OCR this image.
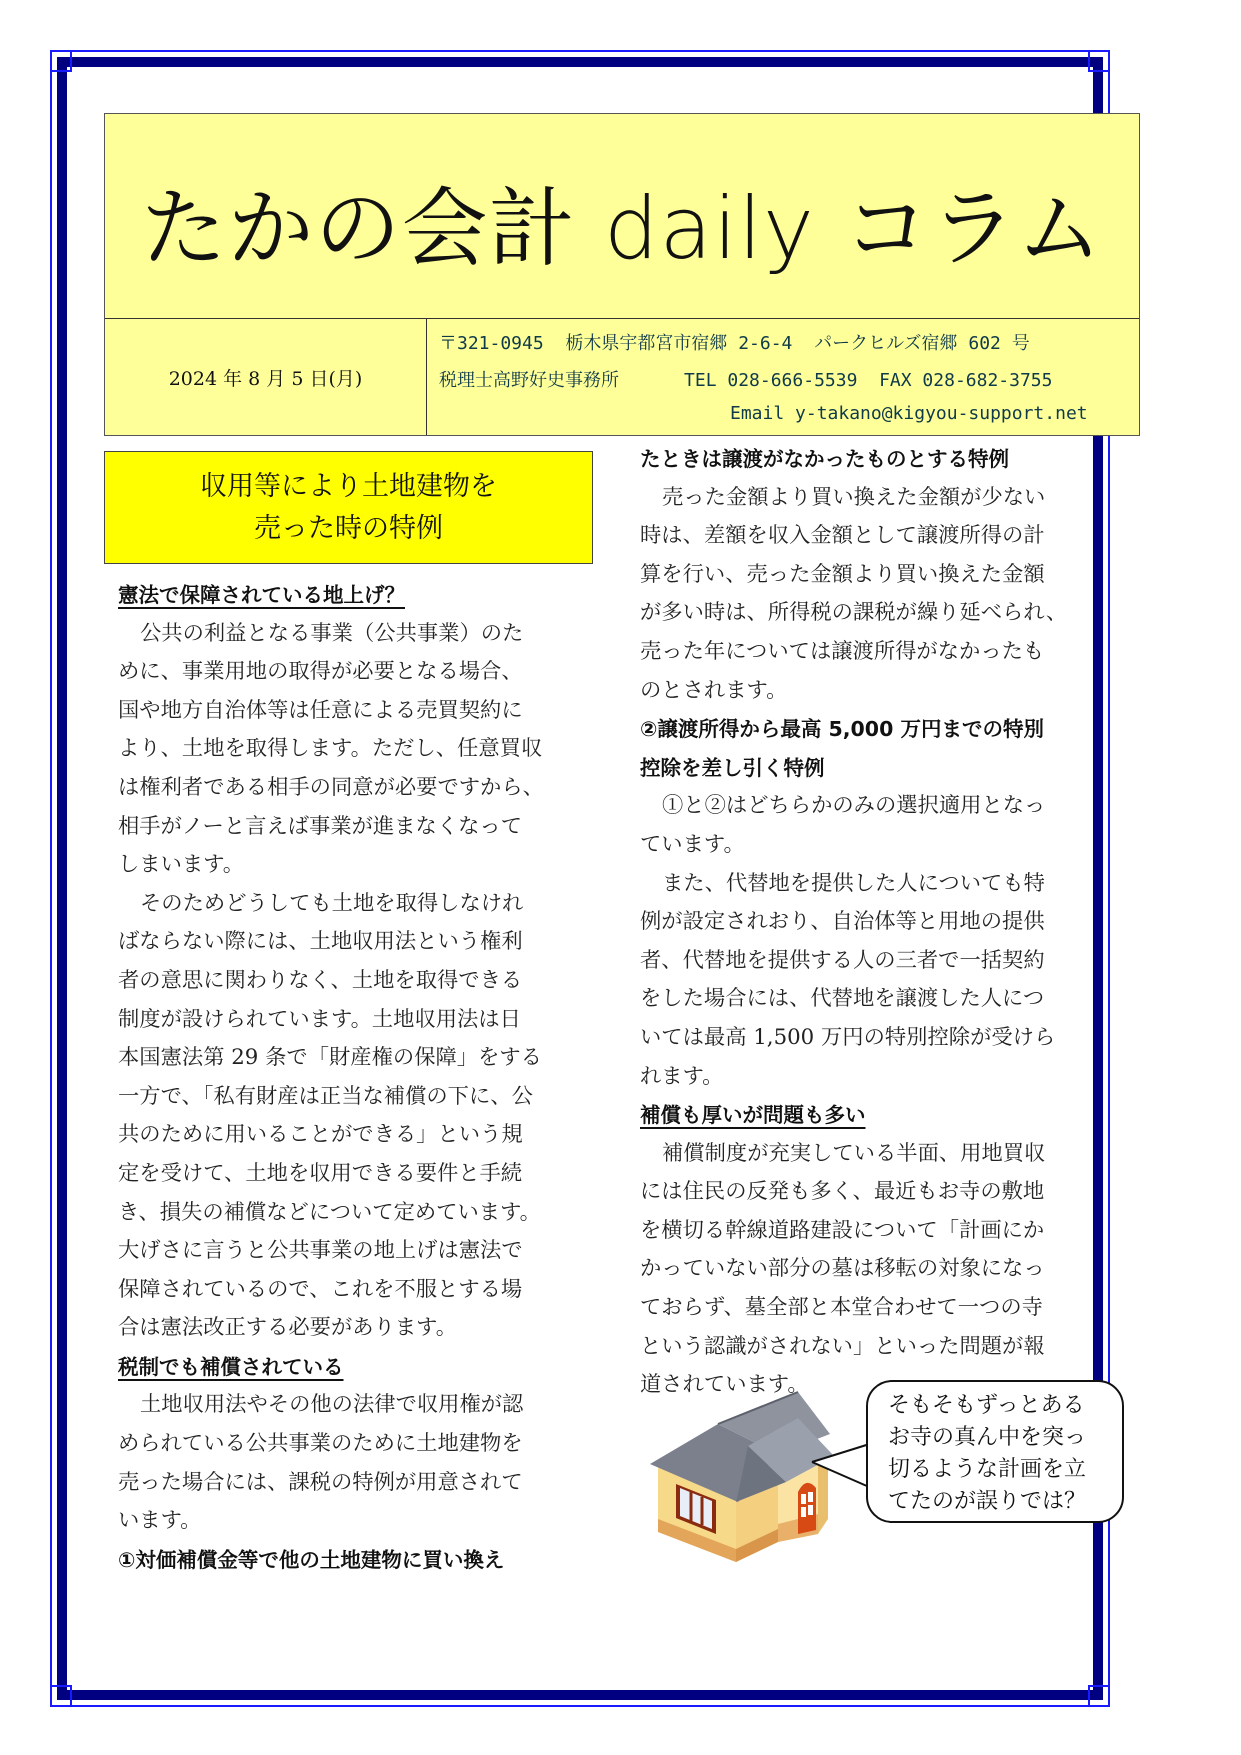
たかの会計 daily コラム
2024 年 8 月 5 日(月)
〒321-0945  栃木県宇都宮市宿郷 2-6-4  パークヒルズ宿郷 602 号
税理士高野好史事務所      TEL 028-666-5539  FAX 028-682-3755
Email y-takano@kigyou-support.net
収用等により土地建物を
売った時の特例
憲法で保障されている地上げ？
公共の利益となる事業（公共事業）のた
めに、事業用地の取得が必要となる場合、
国や地方自治体等は任意による売買契約に
より、土地を取得します。ただし、任意買収
は権利者である相手の同意が必要ですから、
相手がノーと言えば事業が進まなくなって
しまいます。
そのためどうしても土地を取得しなけれ
ばならない際には、土地収用法という権利
者の意思に関わりなく、土地を取得できる
制度が設けられています。土地収用法は日
本国憲法第 29 条で「財産権の保障」をする
一方で、「私有財産は正当な補償の下に、公
共のために用いることができる」という規
定を受けて、土地を収用できる要件と手続
き、損失の補償などについて定めています。
大げさに言うと公共事業の地上げは憲法で
保障されているので、これを不服とする場
合は憲法改正する必要があります。
税制でも補償されている
土地収用法やその他の法律で収用権が認
められている公共事業のために土地建物を
売った場合には、課税の特例が用意されて
います。
①対価補償金等で他の土地建物に買い換え
たときは譲渡がなかったものとする特例
売った金額より買い換えた金額が少ない
時は、差額を収入金額として譲渡所得の計
算を行い、売った金額より買い換えた金額
が多い時は、所得税の課税が繰り延べられ、
売った年については譲渡所得がなかったも
のとされます。
②譲渡所得から最高 5,000 万円までの特別
控除を差し引く特例
①と②はどちらかのみの選択適用となっ
ています。
また、代替地を提供した人についても特
例が設定されおり、自治体等と用地の提供
者、代替地を提供する人の三者で一括契約
をした場合には、代替地を譲渡した人につ
いては最高 1,500 万円の特別控除が受けら
れます。
補償も厚いが問題も多い
補償制度が充実している半面、用地買収
には住民の反発も多く、最近もお寺の敷地
を横切る幹線道路建設について「計画にか
かっていない部分の墓は移転の対象になっ
ておらず、墓全部と本堂合わせて一つの寺
という認識がされない」といった問題が報
道されています。
そもそもずっとある
お寺の真ん中を突っ
切るような計画を立
てたのが誤りでは？
